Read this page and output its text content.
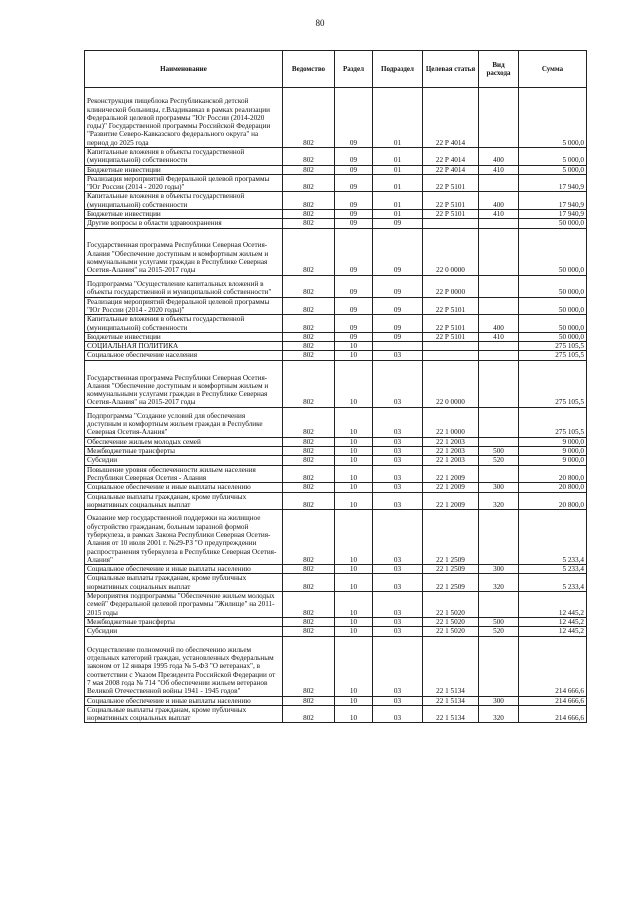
80
Наименование	Ведомство	Раздел	Подраздел	Целевая статья	Вид расхода	Сумма
Реконструкция пищеблока Республиканской детской клинической больницы, г.Владикавказ в рамках реализации Федеральной целевой программы "Юг России (2014-2020 годы)" Государственной программы Российской Федерации "Развитие Северо-Кавказского федерального округа" на период до 2025 года	802	09	01	22 Р 4014		5 000,0
Капитальные вложения в объекты государственной (муниципальной) собственности	802	09	01	22 Р 4014	400	5 000,0
Бюджетные инвестиции	802	09	01	22 Р 4014	410	5 000,0
Реализация мероприятий Федеральной целевой программы "Юг России (2014 - 2020 годы)"	802	09	01	22 Р 5101		17 940,9
Капитальные вложения в объекты государственной (муниципальной) собственности	802	09	01	22 Р 5101	400	17 940,9
Бюджетные инвестиции	802	09	01	22 Р 5101	410	17 940,9
Другие вопросы в области здравоохранения	802	09	09			50 000,0
Государственная программа Республики Северная Осетия-Алания "Обеспечение доступным и комфортным жильем и коммунальными услугами граждан в Республике Северная Осетия-Алания" на 2015-2017 годы	802	09	09	22 0 0000		50 000,0
Подпрограмма "Осуществление капитальных вложений в объекты государственной и муниципальной собственности"	802	09	09	22 Р 0000		50 000,0
Реализация мероприятий Федеральной целевой программы "Юг России (2014 - 2020 годы)"	802	09	09	22 Р 5101		50 000,0
Капитальные вложения в объекты государственной (муниципальной) собственности	802	09	09	22 Р 5101	400	50 000,0
Бюджетные инвестиции	802	09	09	22 Р 5101	410	50 000,0
СОЦИАЛЬНАЯ ПОЛИТИКА	802	10				275 105,5
Социальное обеспечение населения	802	10	03			275 105,5
Государственная программа Республики Северная Осетия-Алания "Обеспечение доступным и комфортным жильем и коммунальными услугами граждан в Республике Северная Осетия-Алания" на 2015-2017 годы	802	10	03	22 0 0000		275 105,5
Подпрограмма "Создание условий для обеспечения доступным и комфортным жильем граждан в Республике Северная Осетия-Алания"	802	10	03	22 1 0000		275 105,5
Обеспечение жильем молодых семей	802	10	03	22 1 2003		9 000,0
Межбюджетные трансферты	802	10	03	22 1 2003	500	9 000,0
Субсидии	802	10	03	22 1 2003	520	9 000,0
Повышение уровня обеспеченности жильем населения Республики Северная Осетия - Алания	802	10	03	22 1 2009		20 800,0
Социальное обеспечение и иные выплаты населению	802	10	03	22 1 2009	300	20 800,0
Социальные выплаты гражданам, кроме публичных нормативных социальных выплат	802	10	03	22 1 2009	320	20 800,0
Оказание мер государственной поддержки на жилищное обустройство гражданам, больным заразной формой туберкулеза, в рамках Закона Республики Северная Осетия-Алания от 10 июля 2001 г. №29-РЗ "О предупреждении распространения туберкулеза в Республике Северная Осетия-Алания"	802	10	03	22 1 2509		5 233,4
Социальное обеспечение и иные выплаты населению	802	10	03	22 1 2509	300	5 233,4
Социальные выплаты гражданам, кроме публичных нормативных социальных выплат	802	10	03	22 1 2509	320	5 233,4
Мероприятия подпрограммы "Обеспечение жильем молодых семей" Федеральной целевой программы "Жилище" на 2011-2015 годы	802	10	03	22 1 5020		12 445,2
Межбюджетные трансферты	802	10	03	22 1 5020	500	12 445,2
Субсидии	802	10	03	22 1 5020	520	12 445,2
Осуществление полномочий по обеспечению жильем отдельных категорий граждан, установленных Федеральным законом от 12 января 1995 года № 5-ФЗ "О ветеранах", в соответствии с Указом Президента Российской Федерации от 7 мая 2008 года № 714 "Об обеспечении жильем ветеранов Великой Отечественной войны 1941 - 1945 годов"	802	10	03	22 1 5134		214 666,6
Социальное обеспечение и иные выплаты населению	802	10	03	22 1 5134	300	214 666,6
Социальные выплаты гражданам, кроме публичных нормативных социальных выплат	802	10	03	22 1 5134	320	214 666,6
